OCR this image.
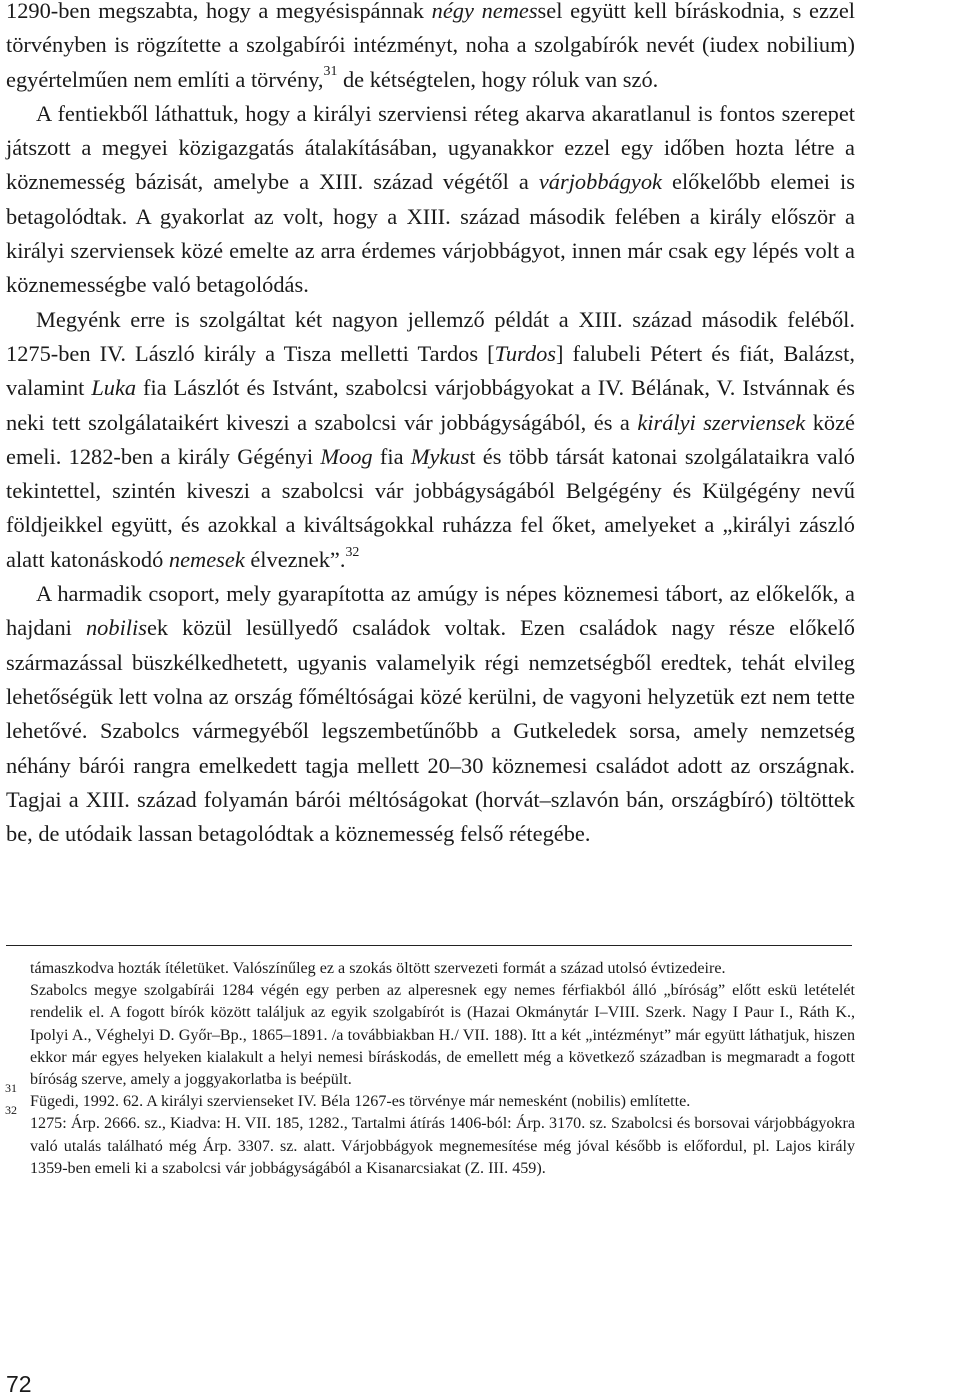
1290-ben megszabta, hogy a megyésispánnak négy nemessel együtt kell bíráskodnia, s ezzel törvényben is rögzítette a szolgabírói intézményt, noha a szolgabírók nevét (iudex nobilium) egyértelműen nem említi a törvény,$^{31}$ de kétségtelen, hogy róluk van szó.

A fentiekből láthattuk, hogy a királyi szerviensi réteg akarva akaratlanul is fontos szerepet játszott a megyei közigazgatás átalakításában, ugyanakkor ezzel egy időben hozta létre a köznemesség bázisát, amelybe a XIII. század végétől a várjobbágyok előkelőbb elemei is betagolódtak. A gyakorlat az volt, hogy a XIII. század második felében a király először a királyi szerviensek közé emelte az arra érdemes várjobbágyot, innen már csak egy lépés volt a köznemességbe való betagolódás.

Megyénk erre is szolgáltat két nagyon jellemző példát a XIII. század második feléből. 1275-ben IV. László király a Tisza melletti Tardos [Turdos] falubeli Pétert és fiát, Balázst, valamint Luka fia Lászlót és Istvánt, szabolcsi várjobbágyokat a IV. Bélának, V. Istvánnak és neki tett szolgálataikért kiveszi a szabolcsi vár jobbágyságából, és a királyi szerviensek közé emeli. 1282-ben a király Gégényi Moog fia Mykust és több társát katonai szolgálataikra való tekintettel, szintén kiveszi a szabolcsi vár jobbágyságából Belgégény és Külgégény nevű földjeikkel együtt, és azokkal a kiváltságokkal ruházza fel őket, amelyeket a „királyi zászló alatt katonáskodó nemesek élveznek”.$^{32}$

A harmadik csoport, mely gyarapította az amúgy is népes köznemesi tábort, az előkelők, a hajdani nobilisek közül lesüllyedő családok voltak. Ezen családok nagy része előkelő származással büszkélkedhetett, ugyanis valamelyik régi nemzetségből eredtek, tehát elvileg lehetőségük lett volna az ország főméltóságai közé kerülni, de vagyoni helyzetük ezt nem tette lehetővé. Szabolcs vármegyéből legszembetűnőbb a Gutkeledek sorsa, amely nemzetség néhány bárói rangra emelkedett tagja mellett 20–30 köznemesi családot adott az országnak. Tagjai a XIII. század folyamán bárói méltóságokat (horvát–szlavón bán, országbíró) töltöttek be, de utódaik lassan betagolódtak a köznemesség felső rétegébe.

támaszkodva hozták ítéletüket. Valószínűleg ez a szokás öltött szervezeti formát a század utolsó évtizedeire.

Szabolcs megye szolgabírái 1284 végén egy perben az alperesnek egy nemes férfiakból álló „bíróság” előtt eskü letételét rendelik el. A fogott bírók között találjuk az egyik szolgabírót is (Hazai Okmánytár I–VIII. Szerk. Nagy I Paur I., Ráth K., Ipolyi A., Véghelyi D. Győr–Bp., 1865–1891. /a továbbiakban H./ VII. 188). Itt a két „intézményt” már együtt láthatjuk, hiszen ekkor már egyes helyeken kialakult a helyi nemesi bíráskodás, de emellett még a következő században is megmaradt a fogott bíróság szerve, amely a joggyakorlatba is beépült.

31
Fügedi, 1992. 62. A királyi szervienseket IV. Béla 1267-es törvénye már nemesként (nobilis) említette.

32
1275: Árp. 2666. sz., Kiadva: H. VII. 185, 1282., Tartalmi átírás 1406-ból: Árp. 3170. sz. Szabolcsi és borsovai várjobbágyokra való utalás található még Árp. 3307. sz. alatt. Várjobbágyok megnemesítése még jóval később is előfordul, pl. Lajos király 1359-ben emeli ki a szabolcsi vár jobbágyságából a Kisanarcsiakat (Z. III. 459).

72
